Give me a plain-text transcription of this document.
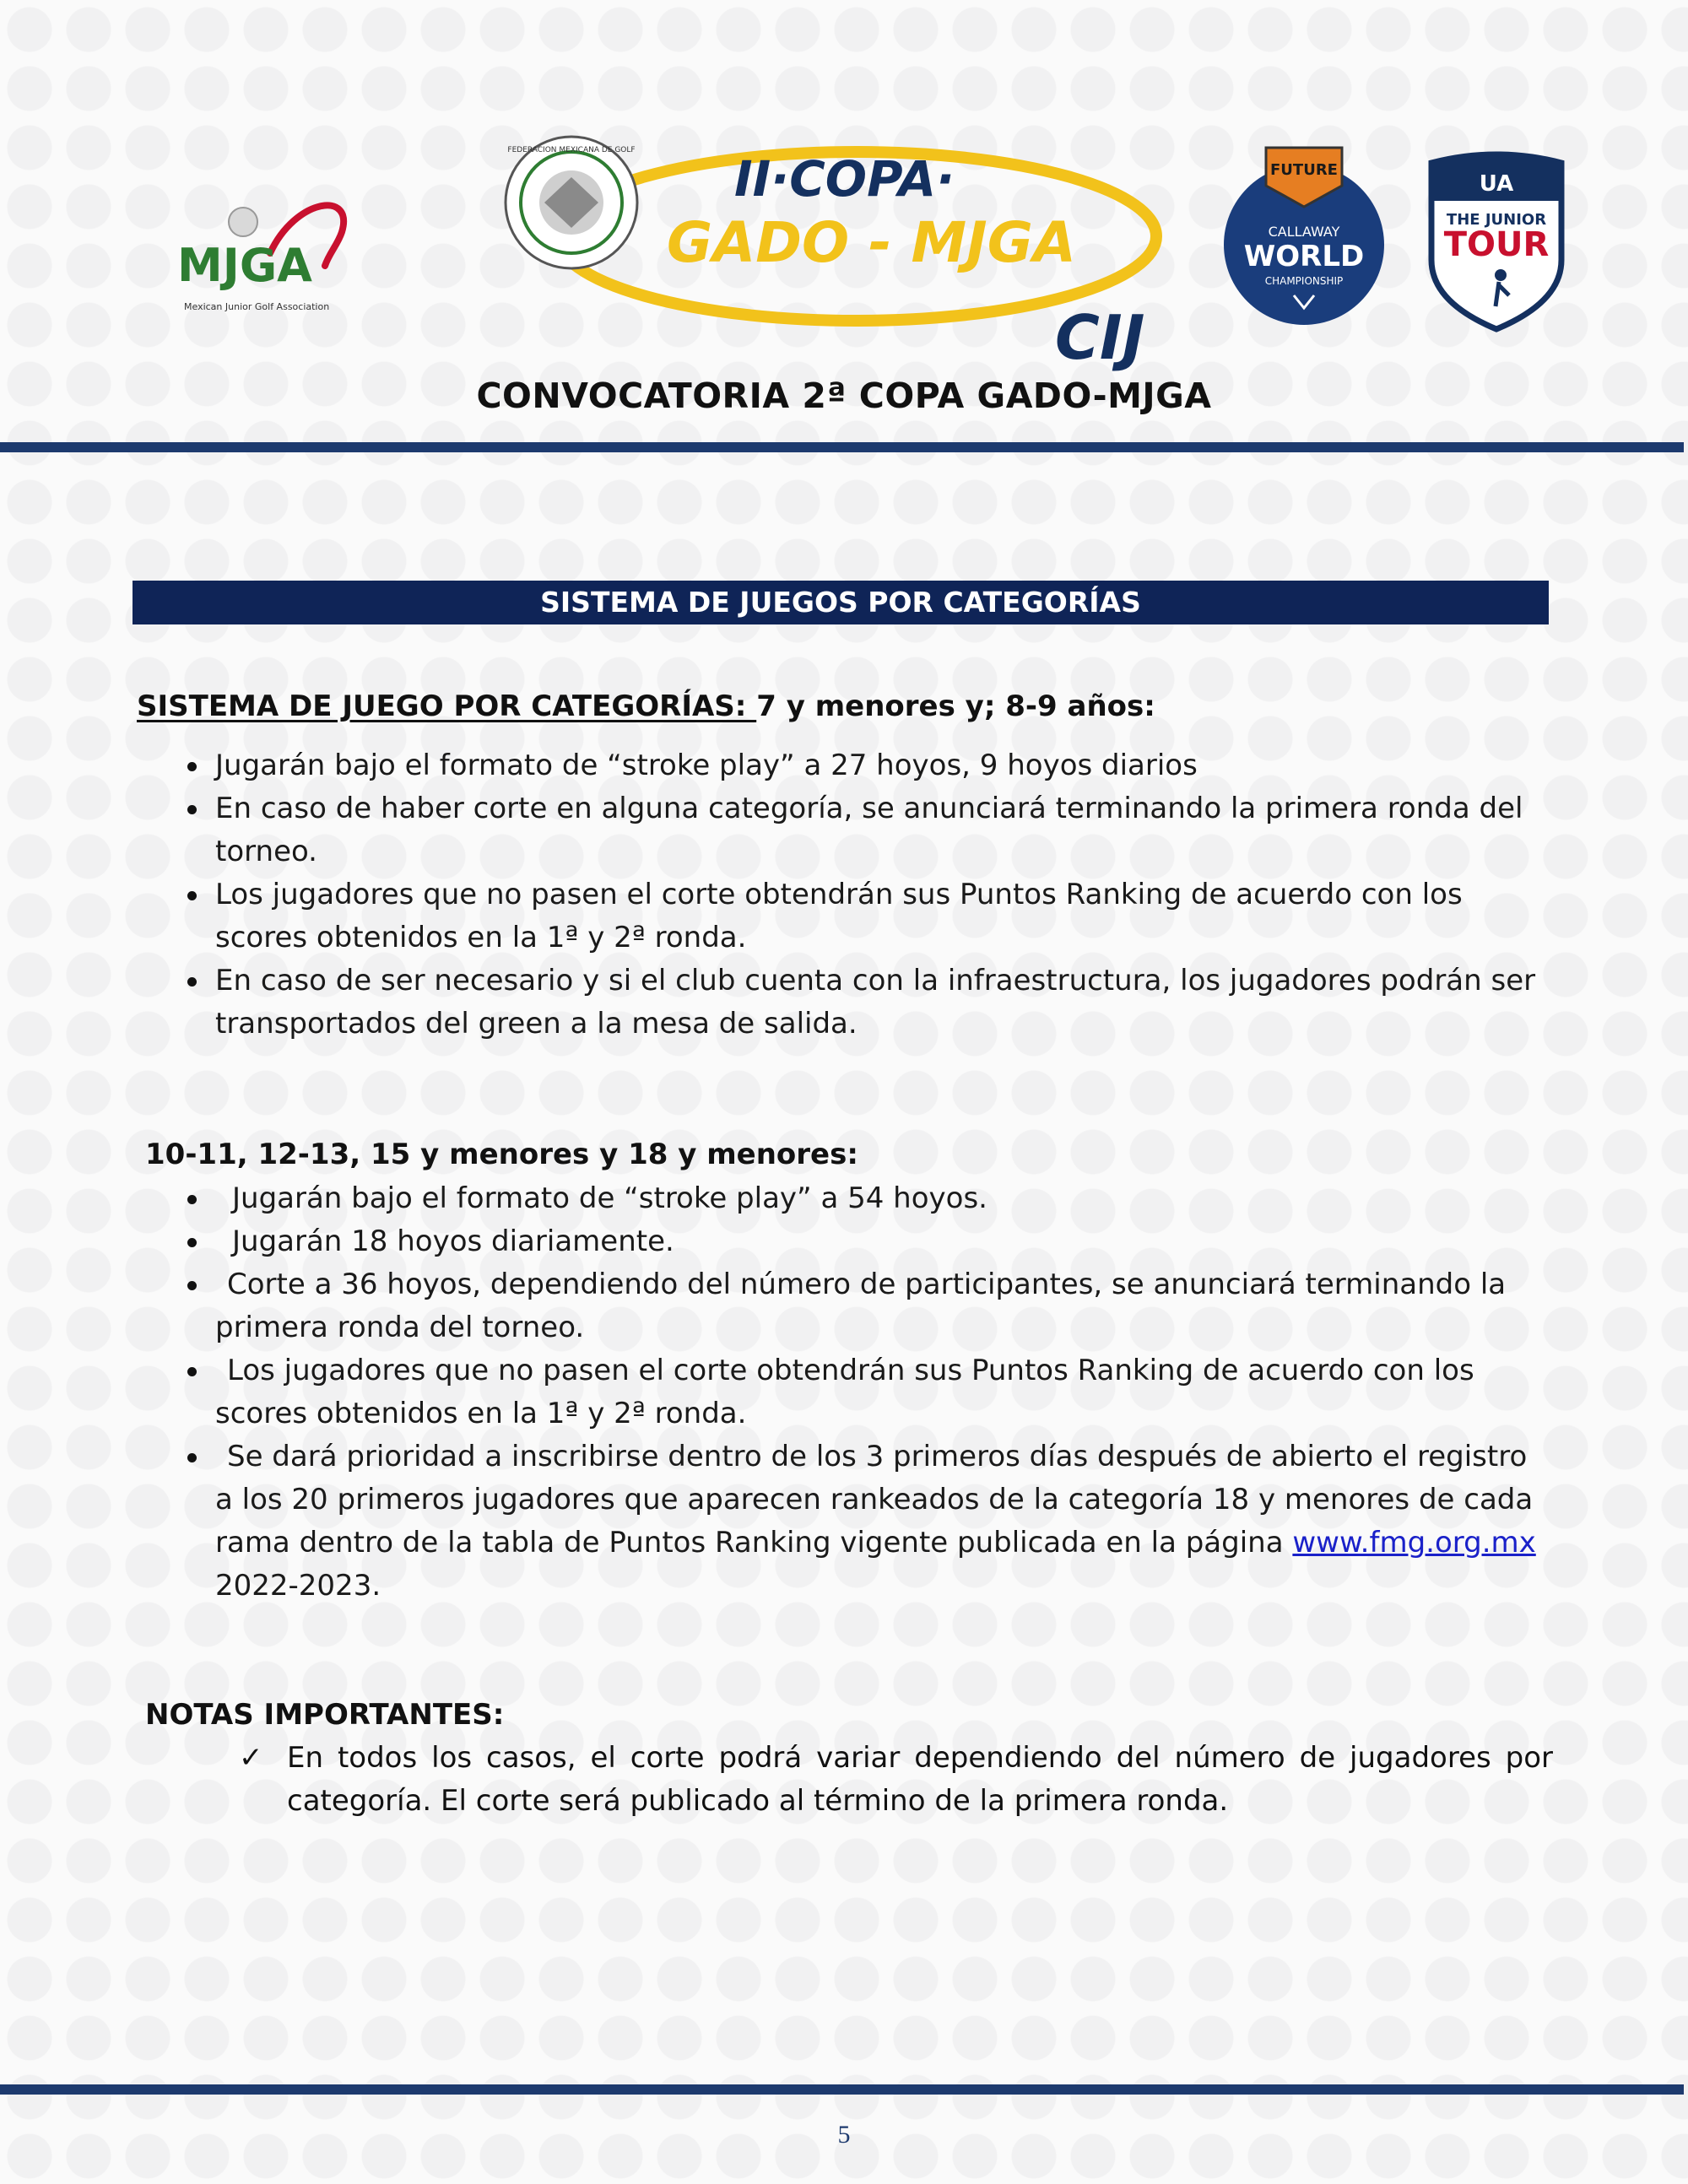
MJGA
Mexican Junior Golf Association
FEDERACION MEXICANA DE GOLF II·COPA·
GADO - MJGA
CIJ
FUTURE
CALLAWAY
WORLD
CHAMPIONSHIP
UA
THE JUNIOR
TOUR
CONVOCATORIA 2ª COPA GADO-MJGA
SISTEMA DE JUEGOS POR CATEGORÍAS
SISTEMA DE JUEGO POR CATEGORÍAS: 7 y menores y; 8-9 años:
Jugarán bajo el formato de “stroke play” a 27 hoyos, 9 hoyos diarios
En caso de haber corte en alguna categoría, se anunciará terminando la primera ronda del torneo.
Los jugadores que no pasen el corte obtendrán sus Puntos Ranking de acuerdo con los scores obtenidos en la 1ª y 2ª ronda.
En caso de ser necesario y si el club cuenta con la infraestructura, los jugadores podrán ser transportados del green a la mesa de salida.
10-11, 12-13, 15 y menores y 18 y menores:
Jugarán bajo el formato de “stroke play” a 54 hoyos.
Jugarán 18 hoyos diariamente.
Corte a 36 hoyos, dependiendo del número de participantes, se anunciará terminando la primera ronda del torneo.
Los jugadores que no pasen el corte obtendrán sus Puntos Ranking de acuerdo con los scores obtenidos en la 1ª y 2ª ronda.
Se dará prioridad a inscribirse dentro de los 3 primeros días después de abierto el registro a los 20 primeros jugadores que aparecen rankeados de la categoría 18 y menores de cada rama dentro de la tabla de Puntos Ranking vigente publicada en la página www.fmg.org.mx 2022-2023.
NOTAS IMPORTANTES:
✓ En todos los casos, el corte podrá variar dependiendo del número de jugadores por categoría. El corte será publicado al término de la primera ronda.
5
